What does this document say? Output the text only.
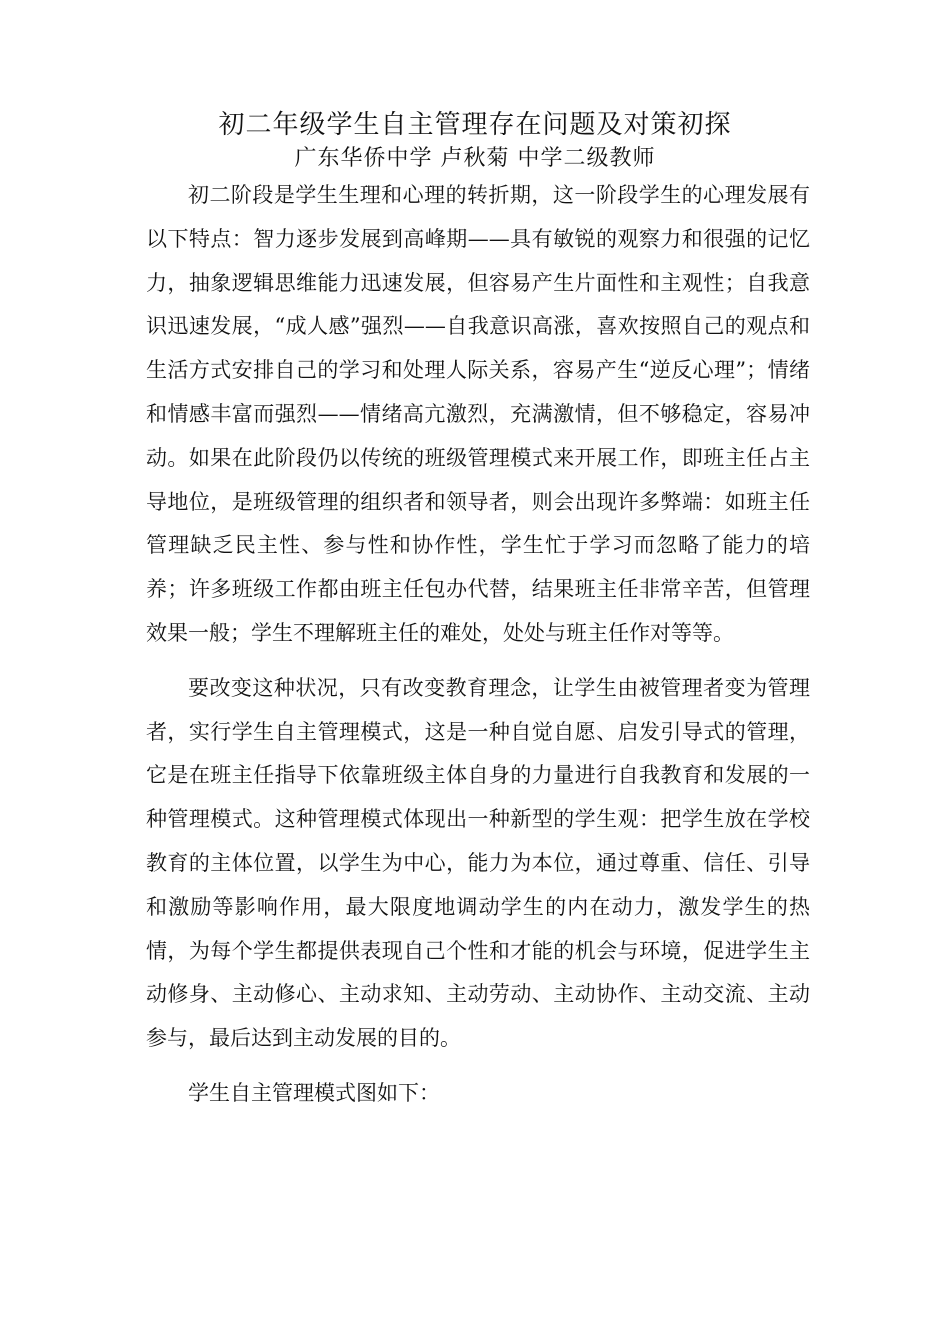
初二年级学生自主管理存在问题及对策初探
广东华侨中学 卢秋菊 中学二级教师

初二阶段是学生生理和心理的转折期，这一阶段学生的心理发展有以下特点：智力逐步发展到高峰期——具有敏锐的观察力和很强的记忆力，抽象逻辑思维能力迅速发展，但容易产生片面性和主观性；自我意识迅速发展，“成人感”强烈——自我意识高涨，喜欢按照自己的观点和生活方式安排自己的学习和处理人际关系，容易产生“逆反心理”；情绪和情感丰富而强烈——情绪高亢激烈，充满激情，但不够稳定，容易冲动。如果在此阶段仍以传统的班级管理模式来开展工作，即班主任占主导地位，是班级管理的组织者和领导者，则会出现许多弊端：如班主任管理缺乏民主性、参与性和协作性，学生忙于学习而忽略了能力的培养；许多班级工作都由班主任包办代替，结果班主任非常辛苦，但管理效果一般；学生不理解班主任的难处，处处与班主任作对等等。

要改变这种状况，只有改变教育理念，让学生由被管理者变为管理者，实行学生自主管理模式，这是一种自觉自愿、启发引导式的管理，它是在班主任指导下依靠班级主体自身的力量进行自我教育和发展的一种管理模式。这种管理模式体现出一种新型的学生观：把学生放在学校教育的主体位置，以学生为中心，能力为本位，通过尊重、信任、引导和激励等影响作用，最大限度地调动学生的内在动力，激发学生的热情，为每个学生都提供表现自己个性和才能的机会与环境，促进学生主动修身、主动修心、主动求知、主动劳动、主动协作、主动交流、主动参与，最后达到主动发展的目的。

学生自主管理模式图如下：
